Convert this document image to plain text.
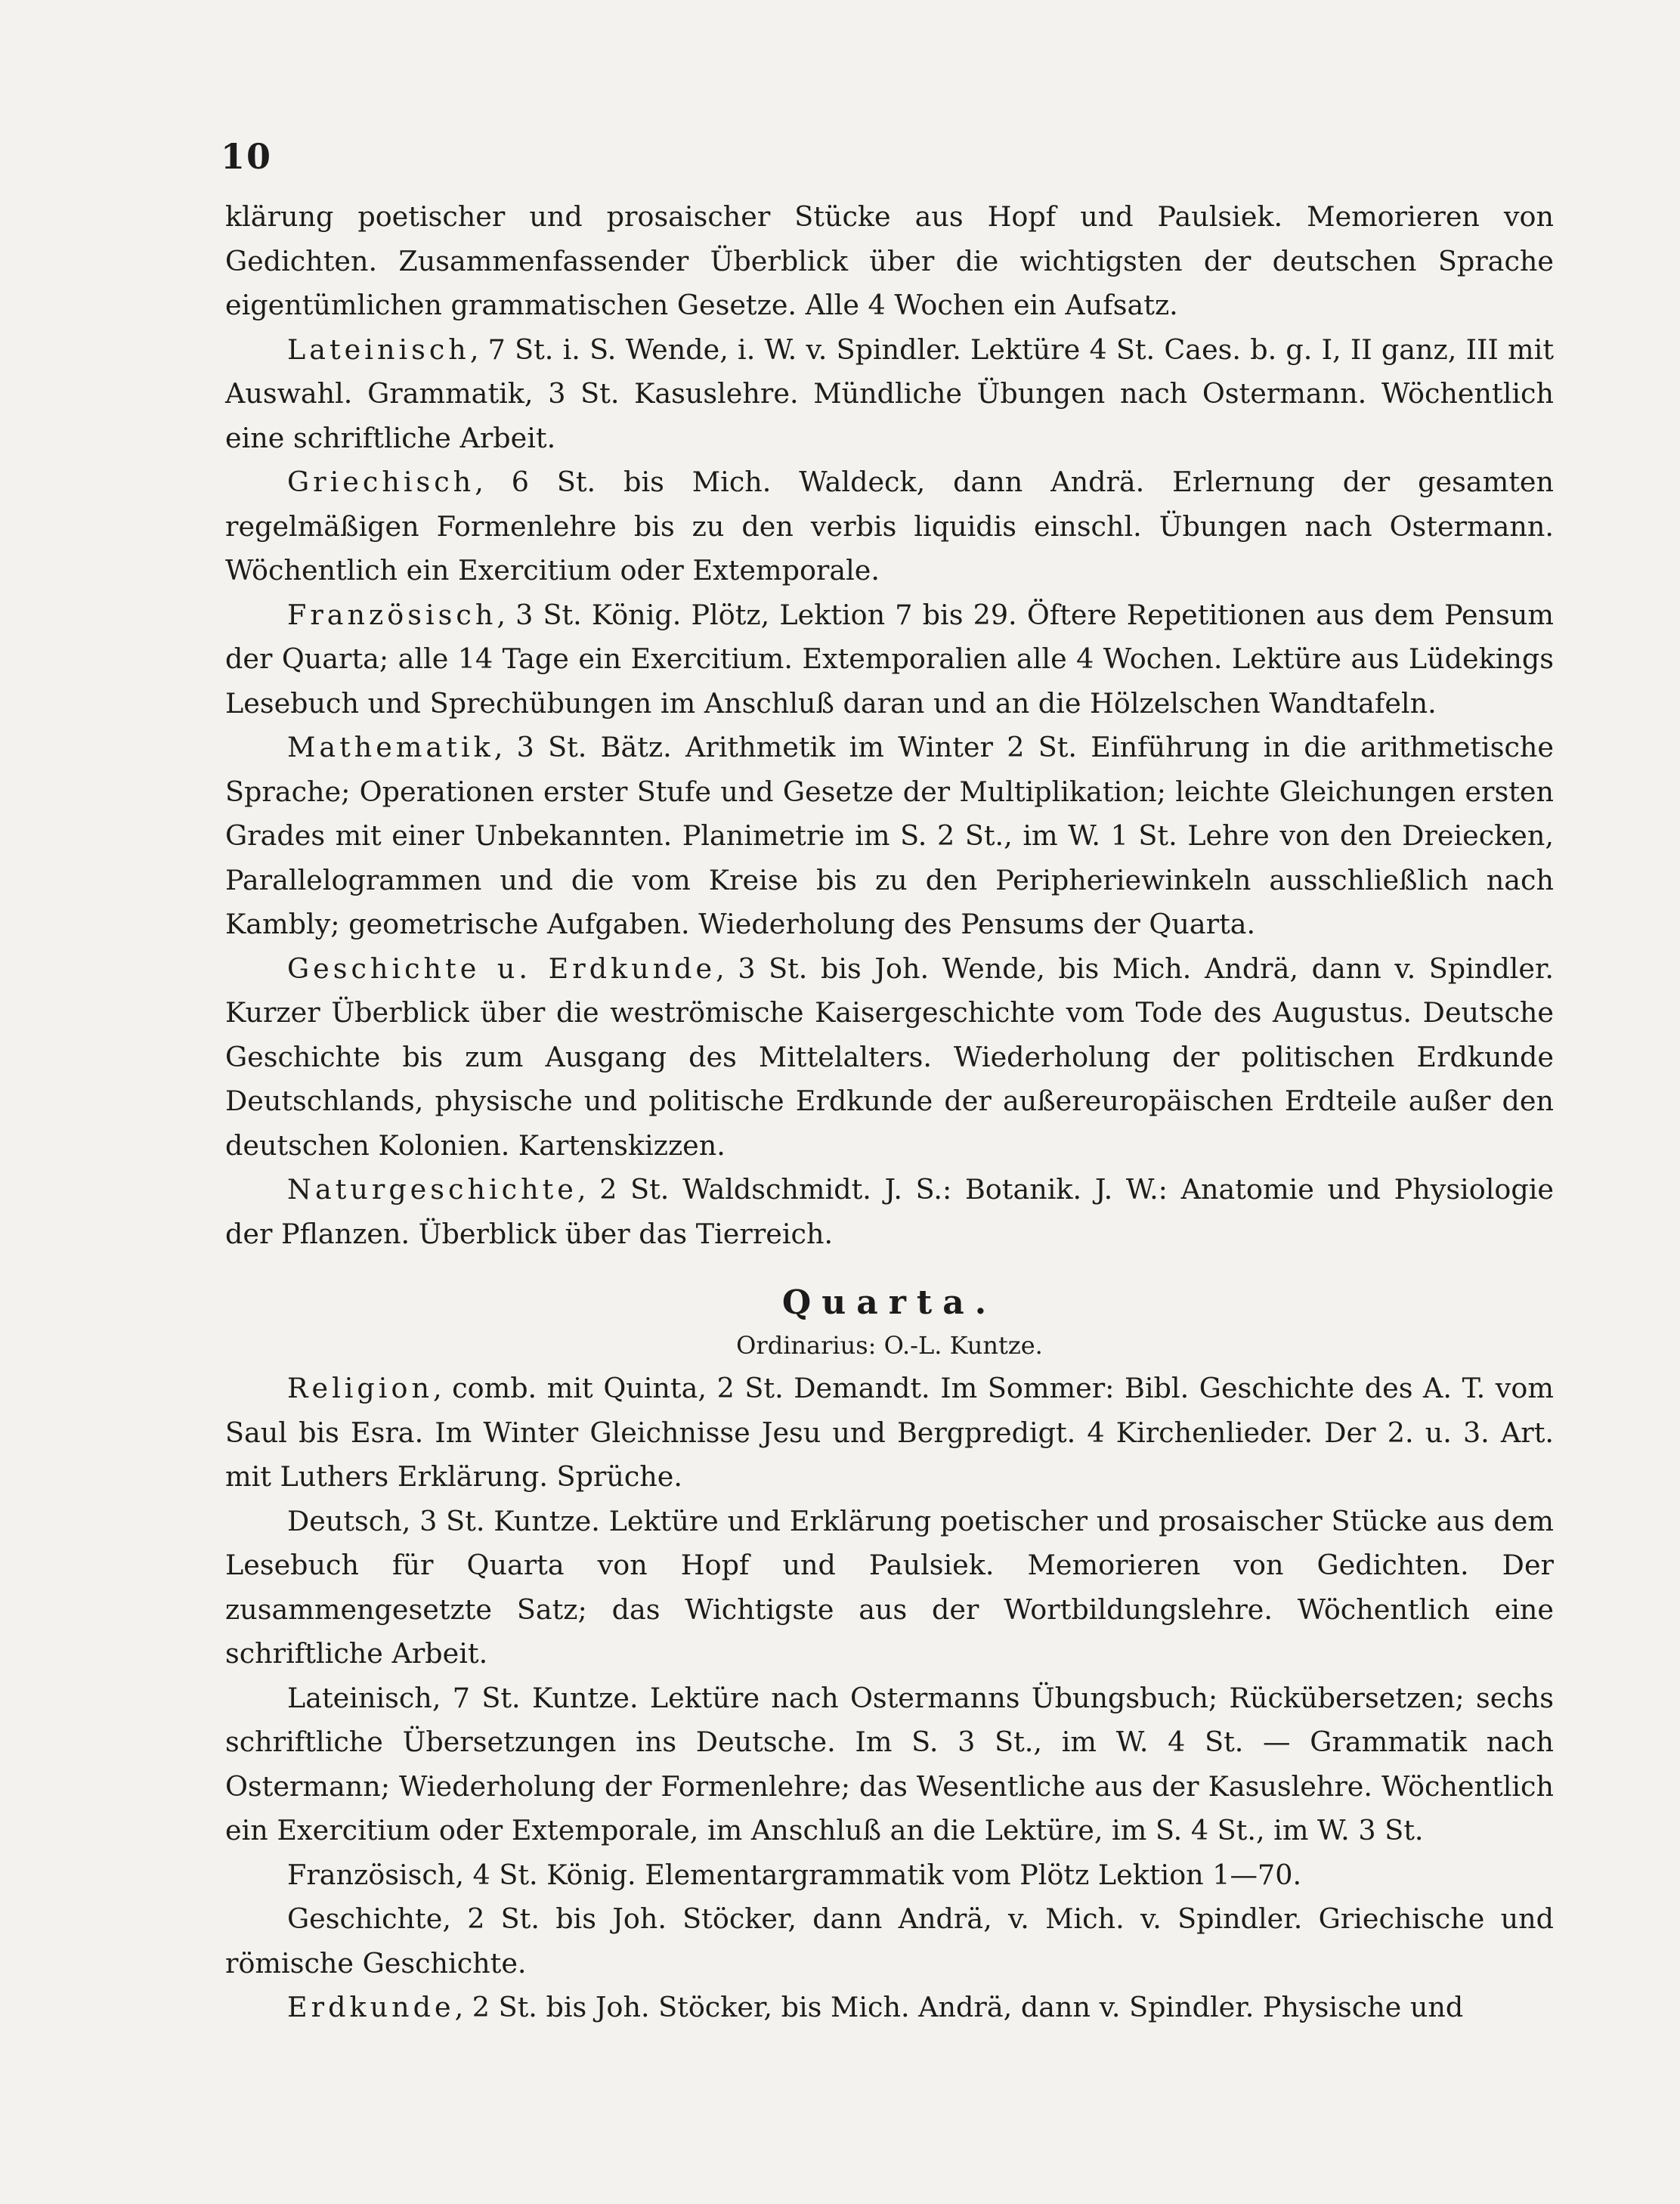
10

klärung poetischer und prosaischer Stücke aus Hopf und Paulsiek. Memorieren von Gedichten. Zusammenfassender Überblick über die wichtigsten der deutschen Sprache eigentümlichen grammatischen Gesetze. Alle 4 Wochen ein Aufsatz.

Lateinisch, 7 St. i. S. Wende, i. W. v. Spindler. Lektüre 4 St. Caes. b. g. I, II ganz, III mit Auswahl. Grammatik, 3 St. Kasuslehre. Mündliche Übungen nach Ostermann. Wöchentlich eine schriftliche Arbeit.

Griechisch, 6 St. bis Mich. Waldeck, dann Andrä. Erlernung der gesamten regelmäßigen Formenlehre bis zu den verbis liquidis einschl. Übungen nach Ostermann. Wöchentlich ein Exercitium oder Extemporale.

Französisch, 3 St. König. Plötz, Lektion 7 bis 29. Öftere Repetitionen aus dem Pensum der Quarta; alle 14 Tage ein Exercitium. Extemporalien alle 4 Wochen. Lektüre aus Lüdekings Lesebuch und Sprechübungen im Anschluß daran und an die Hölzelschen Wandtafeln.

Mathematik, 3 St. Bätz. Arithmetik im Winter 2 St. Einführung in die arithmetische Sprache; Operationen erster Stufe und Gesetze der Multiplikation; leichte Gleichungen ersten Grades mit einer Unbekannten. Planimetrie im S. 2 St., im W. 1 St. Lehre von den Dreiecken, Parallelogrammen und die vom Kreise bis zu den Peripheriewinkeln ausschließlich nach Kambly; geometrische Aufgaben. Wiederholung des Pensums der Quarta.

Geschichte u. Erdkunde, 3 St. bis Joh. Wende, bis Mich. Andrä, dann v. Spindler. Kurzer Überblick über die weströmische Kaisergeschichte vom Tode des Augustus. Deutsche Geschichte bis zum Ausgang des Mittelalters. Wiederholung der politischen Erdkunde Deutschlands, physische und politische Erdkunde der außereuropäischen Erdteile außer den deutschen Kolonien. Kartenskizzen.

Naturgeschichte, 2 St. Waldschmidt. J. S.: Botanik. J. W.: Anatomie und Physiologie der Pflanzen. Überblick über das Tierreich.

Quarta.
Ordinarius: O.-L. Kuntze.

Religion, comb. mit Quinta, 2 St. Demandt. Im Sommer: Bibl. Geschichte des A. T. vom Saul bis Esra. Im Winter Gleichnisse Jesu und Bergpredigt. 4 Kirchenlieder. Der 2. u. 3. Art. mit Luthers Erklärung. Sprüche.

Deutsch, 3 St. Kuntze. Lektüre und Erklärung poetischer und prosaischer Stücke aus dem Lesebuch für Quarta von Hopf und Paulsiek. Memorieren von Gedichten. Der zusammengesetzte Satz; das Wichtigste aus der Wortbildungslehre. Wöchentlich eine schriftliche Arbeit.

Lateinisch, 7 St. Kuntze. Lektüre nach Ostermanns Übungsbuch; Rückübersetzen; sechs schriftliche Übersetzungen ins Deutsche. Im S. 3 St., im W. 4 St. — Grammatik nach Ostermann; Wiederholung der Formenlehre; das Wesentliche aus der Kasuslehre. Wöchentlich ein Exercitium oder Extemporale, im Anschluß an die Lektüre, im S. 4 St., im W. 3 St.

Französisch, 4 St. König. Elementargrammatik vom Plötz Lektion 1—70.

Geschichte, 2 St. bis Joh. Stöcker, dann Andrä, v. Mich. v. Spindler. Griechische und römische Geschichte.

Erdkunde, 2 St. bis Joh. Stöcker, bis Mich. Andrä, dann v. Spindler. Physische und
